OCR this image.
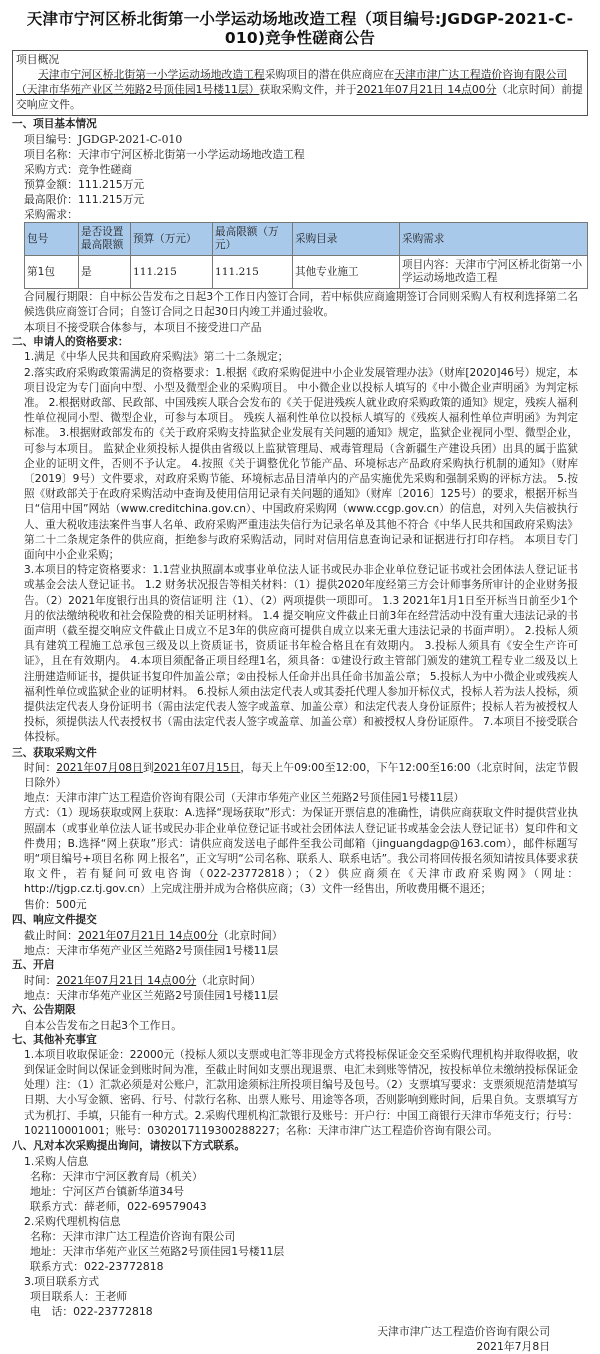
天津市宁河区桥北街第一小学运动场地改造工程（项目编号:JGDGP-2021-C-010)竞争性磋商公告
项目概况
天津市宁河区桥北街第一小学运动场地改造工程采购项目的潜在供应商应在天津市津广达工程造价咨询有限公司（天津市华苑产业区兰苑路2号顶佳园1号楼11层）获取采购文件，并于2021年07月21日 14点00分（北京时间）前提交响应文件。
一、项目基本情况
项目编号：JGDGP-2021-C-010
项目名称：天津市宁河区桥北街第一小学运动场地改造工程
采购方式：竞争性磋商
预算金额：111.215万元
最高限价：111.215万元
采购需求：
包号	是否设置最高限额	预算（万元）	最高限额（万元）	采购目录	采购需求
第1包	是	111.215	111.215	其他专业施工	项目内容：天津市宁河区桥北街第一小学运动场地改造工程
合同履行期限：自中标公告发布之日起3个工作日内签订合同，若中标供应商逾期签订合同则采购人有权利选择第二名候选供应商签订合同；自签订合同之日起30日内竣工并通过验收。
本项目不接受联合体参与，本项目不接受进口产品
二、申请人的资格要求：
1.满足《中华人民共和国政府采购法》第二十二条规定；
2.落实政府采购政策需满足的资格要求：1.根据《政府采购促进中小企业发展管理办法》（财库[2020]46号）规定，本项目设定为专门面向中型、小型及微型企业的采购项目。 中小微企业以投标人填写的《中小微企业声明函》为判定标准。 2.根据财政部、民政部、中国残疾人联合会发布的《关于促进残疾人就业政府采购政策的通知》规定，残疾人福利性单位视同小型、微型企业，可参与本项目。 残疾人福利性单位以投标人填写的《残疾人福利性单位声明函》为判定标准。 3.根据财政部发布的《关于政府采购支持监狱企业发展有关问题的通知》规定，监狱企业视同小型、微型企业，可参与本项目。 监狱企业须投标人提供由省级以上监狱管理局、戒毒管理局（含新疆生产建设兵团）出具的属于监狱企业的证明文件，否则不予认定。 4.按照《关于调整优化节能产品、环境标志产品政府采购执行机制的通知》（财库〔2019〕9号）文件要求，对政府采购节能、环境标志品目清单内的产品实施优先采购和强制采购的评标方法。 5.按照《财政部关于在政府采购活动中查询及使用信用记录有关问题的通知》（财库〔2016〕125号）的要求，根据开标当日“信用中国”网站（www.creditchina.gov.cn）、中国政府采购网（www.ccgp.gov.cn）的信息，对列入失信被执行人、重大税收违法案件当事人名单、政府采购严重违法失信行为记录名单及其他不符合《中华人民共和国政府采购法》第二十二条规定条件的供应商，拒绝参与政府采购活动，同时对信用信息查询记录和证据进行打印存档。 本项目专门面向中小企业采购；
3.本项目的特定资格要求：1.1营业执照副本或事业单位法人证书或民办非企业单位登记证书或社会团体法人登记证书或基金会法人登记证书。 1.2 财务状况报告等相关材料：（1）提供2020年度经第三方会计师事务所审计的企业财务报告。（2）2021年度银行出具的资信证明 注（1）、（2）两项提供一项即可。 1.3 2021年1月1日至开标当日前至少1个月的依法缴纳税收和社会保险费的相关证明材料。 1.4 提交响应文件截止日前3年在经营活动中没有重大违法记录的书面声明（截至提交响应文件截止日成立不足3年的供应商可提供自成立以来无重大违法记录的书面声明）。 2.投标人须具有建筑工程施工总承包三级及以上资质证书，资质证书年检合格且在有效期内。 3.投标人须具有《安全生产许可证》，且在有效期内。 4.本项目须配备正项目经理1名，须具备：①建设行政主管部门颁发的建筑工程专业二级及以上注册建造师证书，提供证书复印件加盖公章；②由投标人任命并出具任命书加盖公章； 5.投标人为中小微企业或残疾人福利性单位或监狱企业的证明材料。 6.投标人须由法定代表人或其委托代理人参加开标仪式，投标人若为法人投标，须提供法定代表人身份证明书（需由法定代表人签字或盖章、加盖公章）和法定代表人身份证原件；投标人若为被授权人投标，须提供法人代表授权书（需由法定代表人签字或盖章、加盖公章）和被授权人身份证原件。 7.本项目不接受联合体投标。
三、获取采购文件
时间：2021年07月08日到2021年07月15日，每天上午09:00至12:00，下午12:00至16:00（北京时间，法定节假日除外）
地点：天津市津广达工程造价咨询有限公司（天津市华苑产业区兰苑路2号顶佳园1号楼11层）
方式：（1）现场获取或网上获取：A.选择“现场获取”形式：为保证开票信息的准确性，请供应商获取文件时提供营业执照副本（或事业单位法人证书或民办非企业单位登记证书或社会团体法人登记证书或基金会法人登记证书）复印件和文件费用；B.选择“网上获取”形式：请供应商发送电子邮件至我公司邮箱（jinguangdagp@163.com），邮件标题写明“项目编号+项目名称 网上报名”，正文写明“公司名称、联系人、联系电话”。我公司将回传报名须知请按具体要求获取文件，若有疑问可致电咨询（022-23772818）；（2）供应商须在《天津市政府采购网》（网址：http://tjgp.cz.tj.gov.cn）上完成注册并成为合格供应商；（3）文件一经售出，所收费用概不退还；
售价：500元
四、响应文件提交
截止时间：2021年07月21日 14点00分（北京时间）
地点：天津市华苑产业区兰苑路2号顶佳园1号楼11层
五、开启
时间：2021年07月21日 14点00分（北京时间）
地点：天津市华苑产业区兰苑路2号顶佳园1号楼11层
六、公告期限
自本公告发布之日起3个工作日。
七、其他补充事宜
1.本项目收取保证金：22000元（投标人须以支票或电汇等非现金方式将投标保证金交至采购代理机构并取得收据，收到保证金时间以保证金到账时间为准，至截止时间如支票出现退票、电汇未到账等情况，按投标单位未缴纳投标保证金处理）注：（1）汇款必须是对公账户，汇款用途须标注所投项目编号及包号。（2）支票填写要求：支票须规范清楚填写日期、大小写金额、密码、行号、付款行名称、出票人账号、用途等各项，否则影响到账时间，后果自负。支票填写方式为机打、手填，只能有一种方式。2.采购代理机构汇款银行及账号：开户行：中国工商银行天津市华苑支行；行号：102110001001；账号：0302017119300288227；名称：天津市津广达工程造价咨询有限公司。
八、凡对本次采购提出询问，请按以下方式联系。
1.采购人信息
名称：天津市宁河区教育局（机关）
地址：宁河区芦台镇新华道34号
联系方式：薛老师，022-69579043
2.采购代理机构信息
名称：天津市津广达工程造价咨询有限公司
地址：天津市华苑产业区兰苑路2号顶佳园1号楼11层
联系方式：022-23772818
3.项目联系方式
项目联系人：王老师
电　话：022-23772818
天津市津广达工程造价咨询有限公司
2021年7月8日
